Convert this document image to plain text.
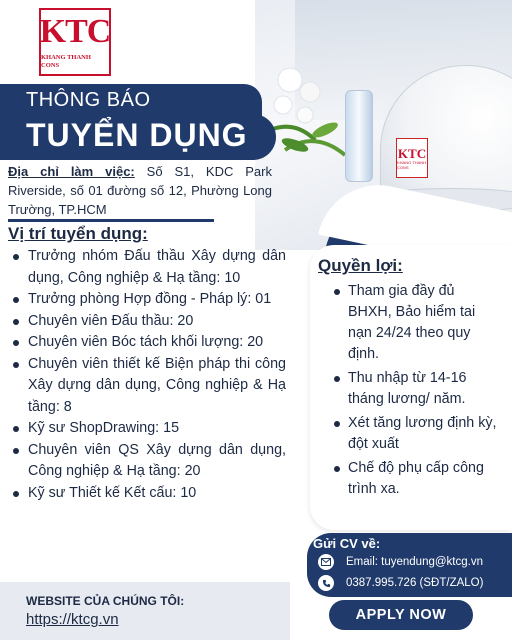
KTC
KHANG THANH CONS
KTC
KHANG THANH CONS
THÔNG BÁO
TUYỂN DỤNG
Địa chỉ làm việc: Số S1, KDC Park Riverside, số 01 đường số 12, Phường Long Trường, TP.HCM
Vị trí tuyển dụng:
Trưởng nhóm Đấu thầu Xây dựng dân dụng, Công nghiệp & Hạ tầng: 10
Trưởng phòng Hợp đồng - Pháp lý: 01
Chuyên viên Đấu thầu: 20
Chuyên viên Bóc tách khối lượng: 20
Chuyên viên thiết kế Biện pháp thi công Xây dựng dân dụng, Công nghiệp & Hạ tầng: 8
Kỹ sư ShopDrawing: 15
Chuyên viên QS Xây dựng dân dụng, Công nghiệp & Hạ tầng: 20
Kỹ sư Thiết kế Kết cấu: 10
Quyền lợi:
Tham gia đầy đủ BHXH, Bảo hiểm tai nạn 24/24 theo quy định.
Thu nhập từ 14-16 tháng lương/ năm.
Xét tăng lương định kỳ, đột xuất
Chế độ phụ cấp công trình xa.
Gửi CV về:
Email: tuyendung@ktcg.vn
0387.995.726 (SĐT/ZALO)
WEBSITE CỦA CHÚNG TÔI:
https://ktcg.vn	APPLY NOW
